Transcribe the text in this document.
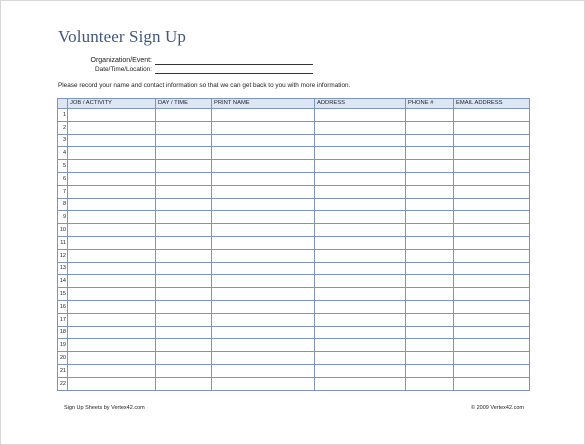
Volunteer Sign Up
Organization/Event:
Date/Time/Location:
Please record your name and contact information so that we can get back to you with more information.
	JOB / ACTIVITY	DAY / TIME	PRINT NAME	ADDRESS	PHONE #	EMAIL ADDRESS
1						
2						
3						
4						
5						
6						
7						
8						
9						
10						
11						
12						
13						
14						
15						
16						
17						
18						
19						
20						
21						
22						
Sign Up Sheets by Vertex42.com	© 2009 Vertex42.com
